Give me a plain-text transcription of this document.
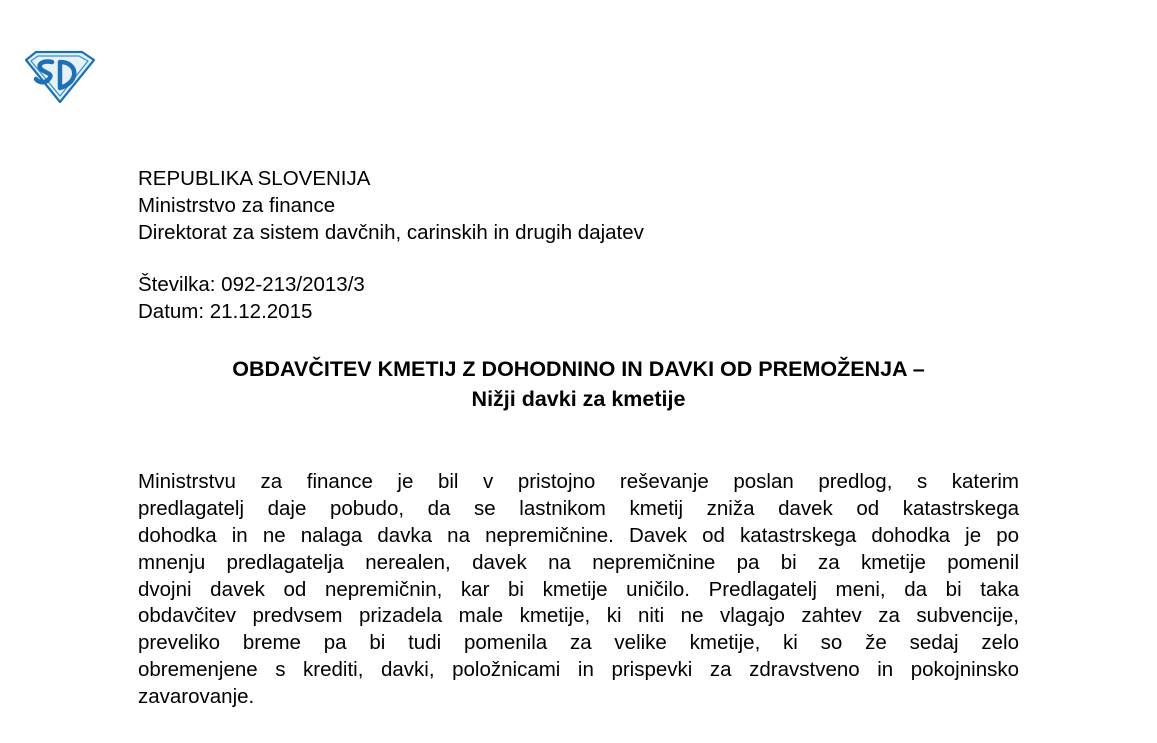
REPUBLIKA SLOVENIJA
Ministrstvo za finance
Direktorat za sistem davčnih, carinskih in drugih dajatev
Številka: 092-213/2013/3
Datum: 21.12.2015
OBDAVČITEV KMETIJ Z DOHODNINO IN DAVKI OD PREMOŽENJA –
Nižji davki za kmetije
Ministrstvu za finance je bil v pristojno reševanje poslan predlog, s katerim
predlagatelj daje pobudo, da se lastnikom kmetij zniža davek od katastrskega
dohodka in ne nalaga davka na nepremičnine. Davek od katastrskega dohodka je po
mnenju predlagatelja nerealen, davek na nepremičnine pa bi za kmetije pomenil
dvojni davek od nepremičnin, kar bi kmetije uničilo. Predlagatelj meni, da bi taka
obdavčitev predvsem prizadela male kmetije, ki niti ne vlagajo zahtev za subvencije,
preveliko breme pa bi tudi pomenila za velike kmetije, ki so že sedaj zelo
obremenjene s krediti, davki, položnicami in prispevki za zdravstveno in pokojninsko
zavarovanje.
